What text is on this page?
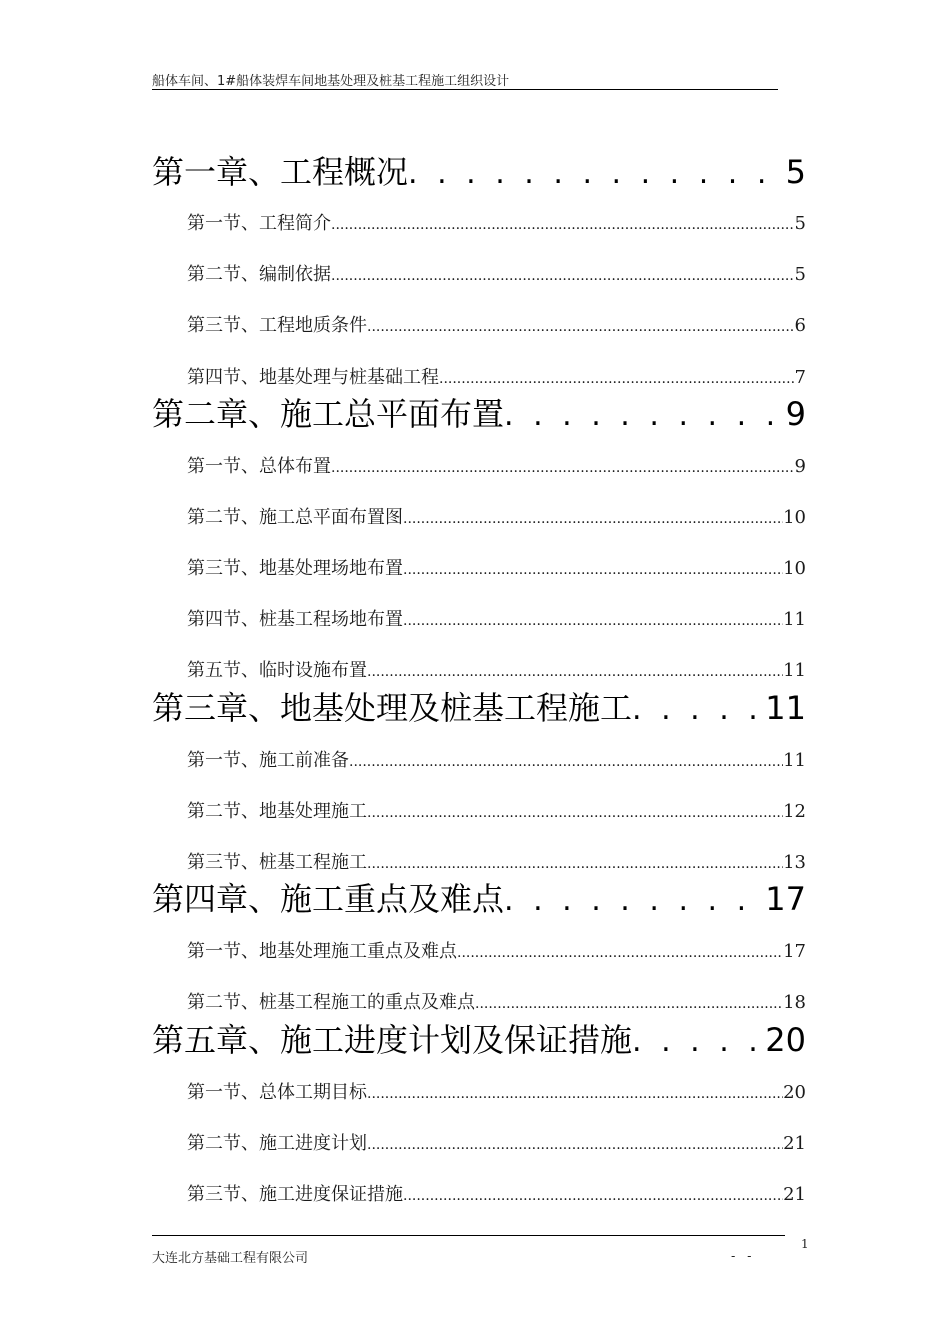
船体车间、1#船体装焊车间地基处理及桩基工程施工组织设计
第一章、工程概况 . . .	5
第一节、工程简介 .....	5
第二节、编制依据 .....	5
第三节、工程地质条件 .....	6
第四节、地基处理与桩基础工程 .....	7
第二章、施工总平面布置 . . .	9
第一节、总体布置 .....	9
第二节、施工总平面布置图 .....	10
第三节、地基处理场地布置 .....	10
第四节、桩基工程场地布置 .....	11
第五节、临时设施布置 .....	11
第三章、地基处理及桩基工程施工 . . .	11
第一节、施工前准备 .....	11
第二节、地基处理施工 .....	12
第三节、桩基工程施工 .....	13
第四章、施工重点及难点 . . .	17
第一节、地基处理施工重点及难点 .....	17
第二节、桩基工程施工的重点及难点 .....	18
第五章、施工进度计划及保证措施 . . .	20
第一节、总体工期目标 .....	20
第二节、施工进度计划 .....	21
第三节、施工进度保证措施 .....	21
大连北方基础工程有限公司	- -
1
